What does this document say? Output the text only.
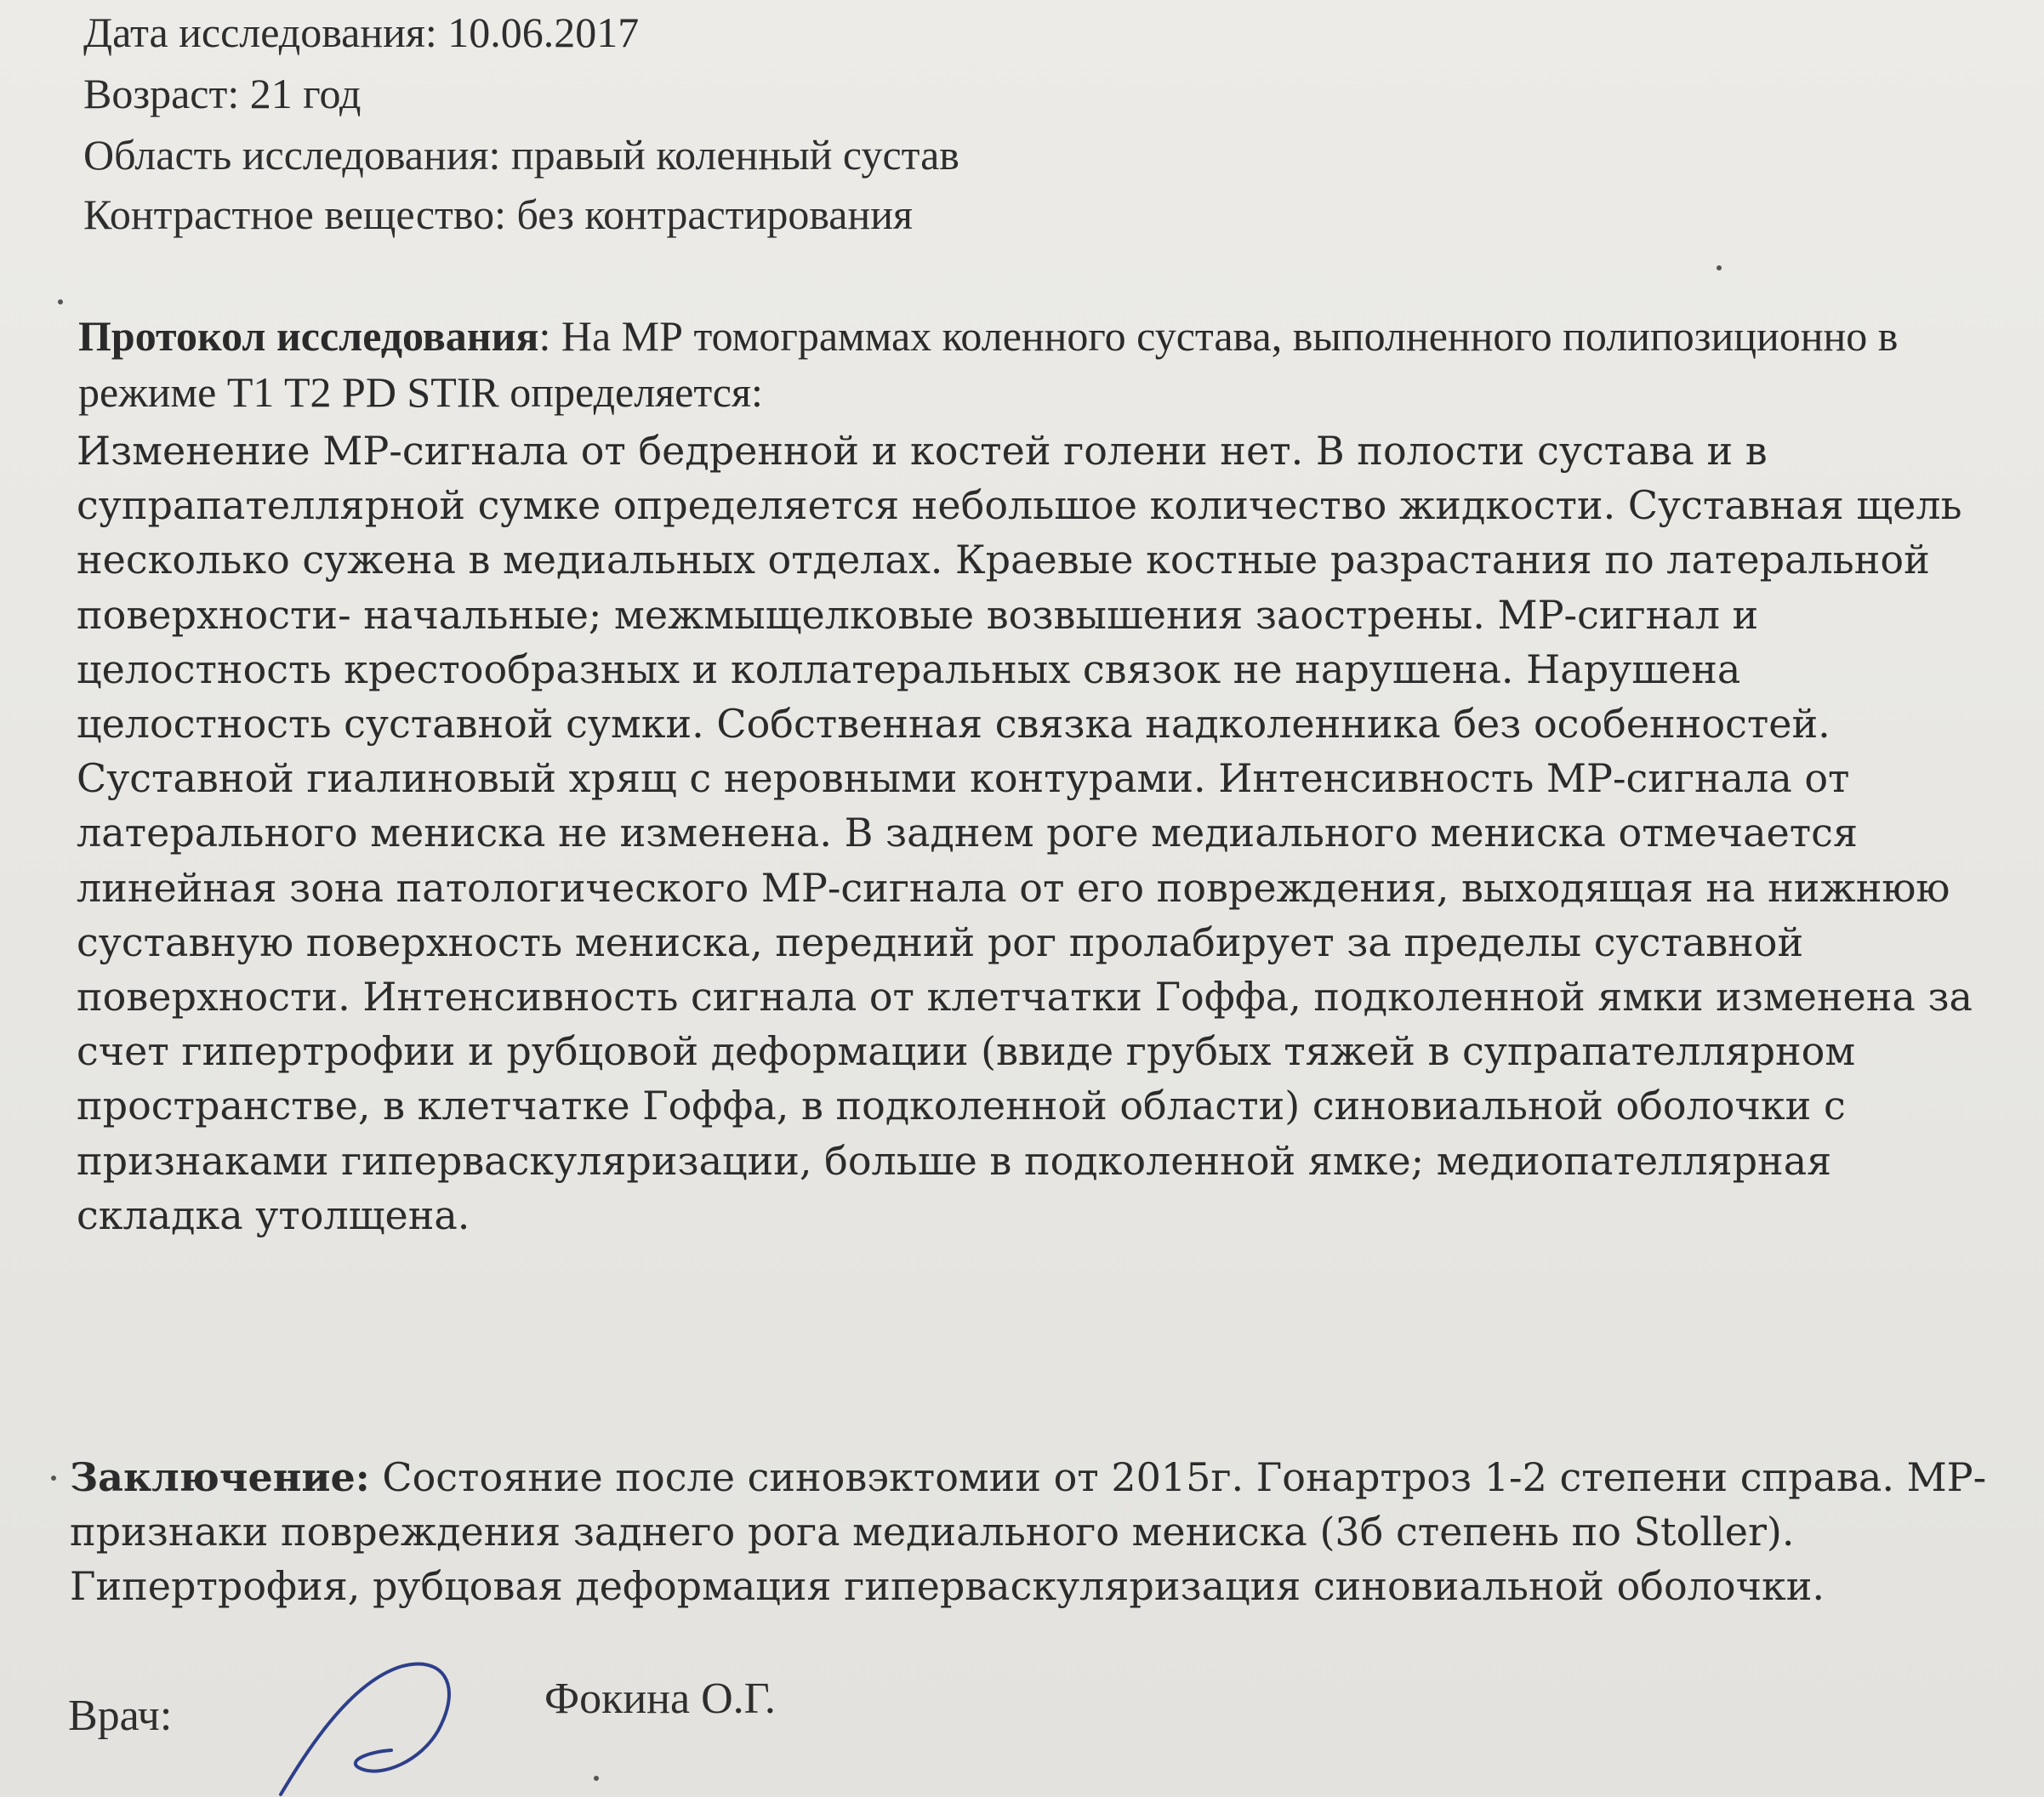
Дата исследования: 10.06.2017
Возраст: 21 год
Область исследования: правый коленный сустав
Контрастное вещество: без контрастирования
Протокол исследования: На МР томограммах коленного сустава, выполненного полипозиционно в режиме T1 T2 PD STIR определяется:
Изменение МР-сигнала от бедренной и костей голени нет. В полости сустава и в супрапателлярной сумке определяется небольшое количество жидкости. Суставная щель несколько сужена в медиальных отделах. Краевые костные разрастания по латеральной поверхности- начальные; межмыщелковые возвышения заострены. МР-сигнал и целостность крестообразных и коллатеральных связок не нарушена. Нарушена целостность суставной сумки. Собственная связка надколенника без особенностей. Суставной гиалиновый хрящ с неровными контурами. Интенсивность МР-сигнала от латерального мениска не изменена. В заднем роге медиального мениска отмечается линейная зона патологического МР-сигнала от его повреждения, выходящая на нижнюю суставную поверхность мениска, передний рог пролабирует за пределы суставной поверхности. Интенсивность сигнала от клетчатки Гоффа, подколенной ямки изменена за счет гипертрофии и рубцовой деформации (ввиде грубых тяжей в супрапателлярном пространстве, в клетчатке Гоффа, в подколенной области) синовиальной оболочки с признаками гиперваскуляризации, больше в подколенной ямке; медиопателлярная складка утолщена.
Заключение: Состояние после синовэктомии от 2015г. Гонартроз 1-2 степени справа. МР-признаки повреждения заднего рога медиального мениска (3б степень по Stoller). Гипертрофия, рубцовая деформация гиперваскуляризация синовиальной оболочки.
Врач:	Фокина О.Г.
